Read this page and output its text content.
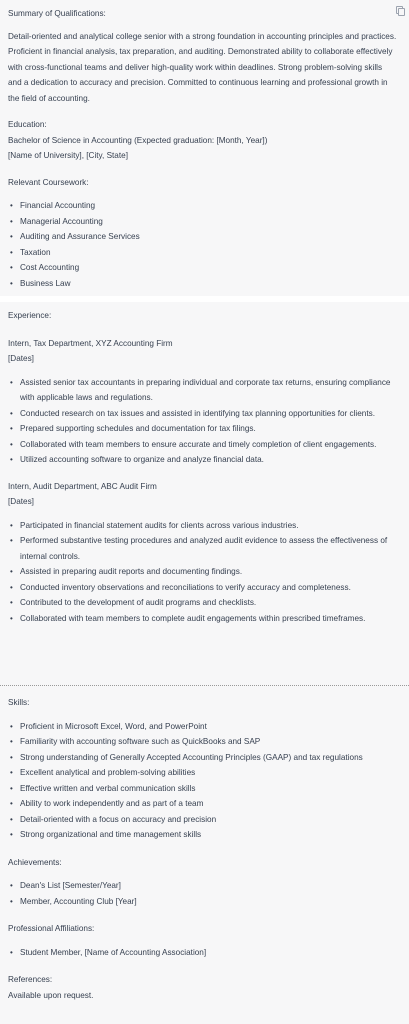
Summary of Qualifications:

Detail-oriented and analytical college senior with a strong foundation in accounting principles and practices. Proficient in financial analysis, tax preparation, and auditing. Demonstrated ability to collaborate effectively with cross-functional teams and deliver high-quality work within deadlines. Strong problem-solving skills and a dedication to accuracy and precision. Committed to continuous learning and professional growth in the field of accounting.

Education:

Bachelor of Science in Accounting (Expected graduation: [Month, Year])

[Name of University], [City, State]

Relevant Coursework:

• Financial Accounting
• Managerial Accounting
• Auditing and Assurance Services
• Taxation
• Cost Accounting
• Business Law

Experience:

Intern, Tax Department, XYZ Accounting Firm

[Dates]

• Assisted senior tax accountants in preparing individual and corporate tax returns, ensuring compliance with applicable laws and regulations.
• Conducted research on tax issues and assisted in identifying tax planning opportunities for clients.
• Prepared supporting schedules and documentation for tax filings.
• Collaborated with team members to ensure accurate and timely completion of client engagements.
• Utilized accounting software to organize and analyze financial data.

Intern, Audit Department, ABC Audit Firm

[Dates]

• Participated in financial statement audits for clients across various industries.
• Performed substantive testing procedures and analyzed audit evidence to assess the effectiveness of internal controls.
• Assisted in preparing audit reports and documenting findings.
• Conducted inventory observations and reconciliations to verify accuracy and completeness.
• Contributed to the development of audit programs and checklists.
• Collaborated with team members to complete audit engagements within prescribed timeframes.

Skills:

• Proficient in Microsoft Excel, Word, and PowerPoint
• Familiarity with accounting software such as QuickBooks and SAP
• Strong understanding of Generally Accepted Accounting Principles (GAAP) and tax regulations
• Excellent analytical and problem-solving abilities
• Effective written and verbal communication skills
• Ability to work independently and as part of a team
• Detail-oriented with a focus on accuracy and precision
• Strong organizational and time management skills

Achievements:

• Dean's List [Semester/Year]
• Member, Accounting Club [Year]

Professional Affiliations:

• Student Member, [Name of Accounting Association]

References:

Available upon request.
